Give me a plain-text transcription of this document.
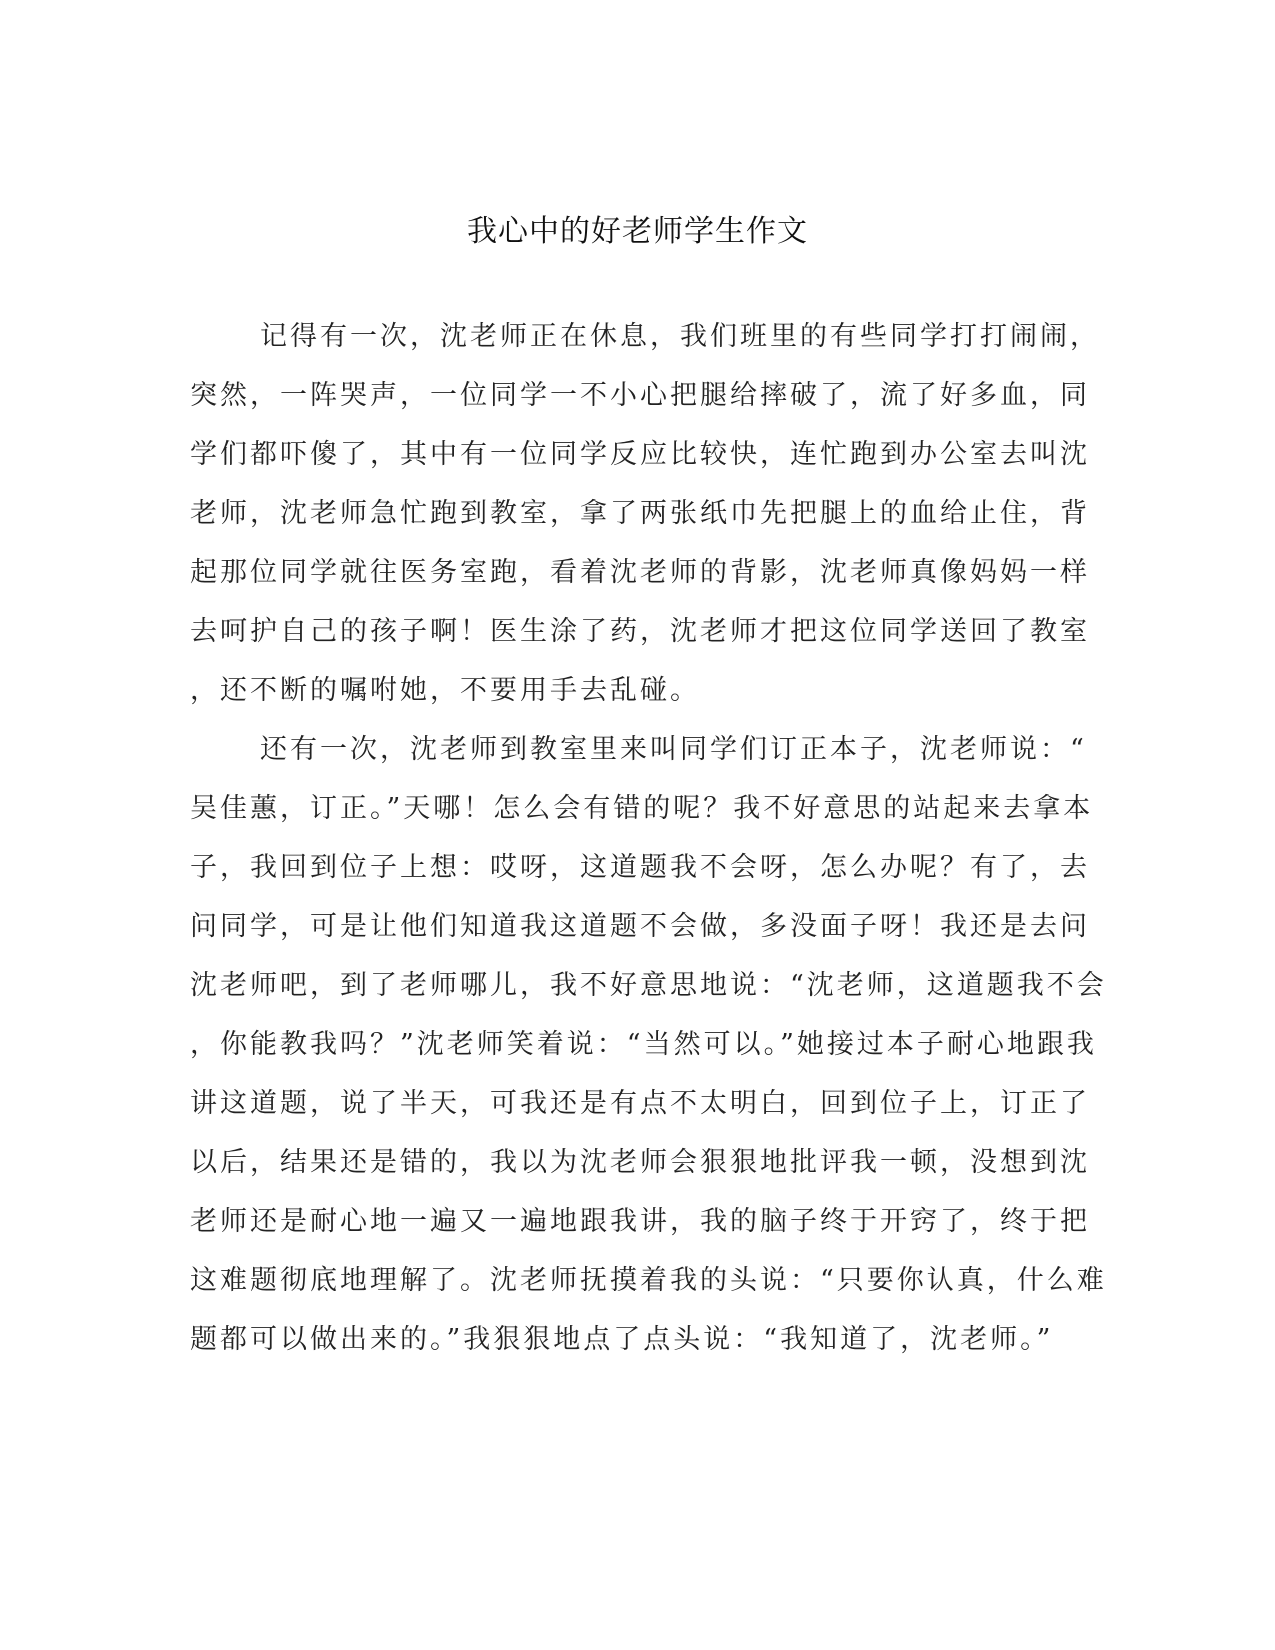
我心中的好老师学生作文
记得有一次，沈老师正在休息，我们班里的有些同学打打闹闹，
突然，一阵哭声，一位同学一不小心把腿给摔破了，流了好多血，同
学们都吓傻了，其中有一位同学反应比较快，连忙跑到办公室去叫沈
老师，沈老师急忙跑到教室，拿了两张纸巾先把腿上的血给止住，背
起那位同学就往医务室跑，看着沈老师的背影，沈老师真像妈妈一样
去呵护自己的孩子啊！医生涂了药，沈老师才把这位同学送回了教室
，还不断的嘱咐她，不要用手去乱碰。
还有一次，沈老师到教室里来叫同学们订正本子，沈老师说：“
吴佳蕙，订正。”天哪！怎么会有错的呢？我不好意思的站起来去拿本
子，我回到位子上想：哎呀，这道题我不会呀，怎么办呢？有了，去
问同学，可是让他们知道我这道题不会做，多没面子呀！我还是去问
沈老师吧，到了老师哪儿，我不好意思地说：“沈老师，这道题我不会
，你能教我吗？”沈老师笑着说：“当然可以。”她接过本子耐心地跟我
讲这道题，说了半天，可我还是有点不太明白，回到位子上，订正了
以后，结果还是错的，我以为沈老师会狠狠地批评我一顿，没想到沈
老师还是耐心地一遍又一遍地跟我讲，我的脑子终于开窍了，终于把
这难题彻底地理解了。沈老师抚摸着我的头说：“只要你认真，什么难
题都可以做出来的。”我狠狠地点了点头说：“我知道了，沈老师。”
